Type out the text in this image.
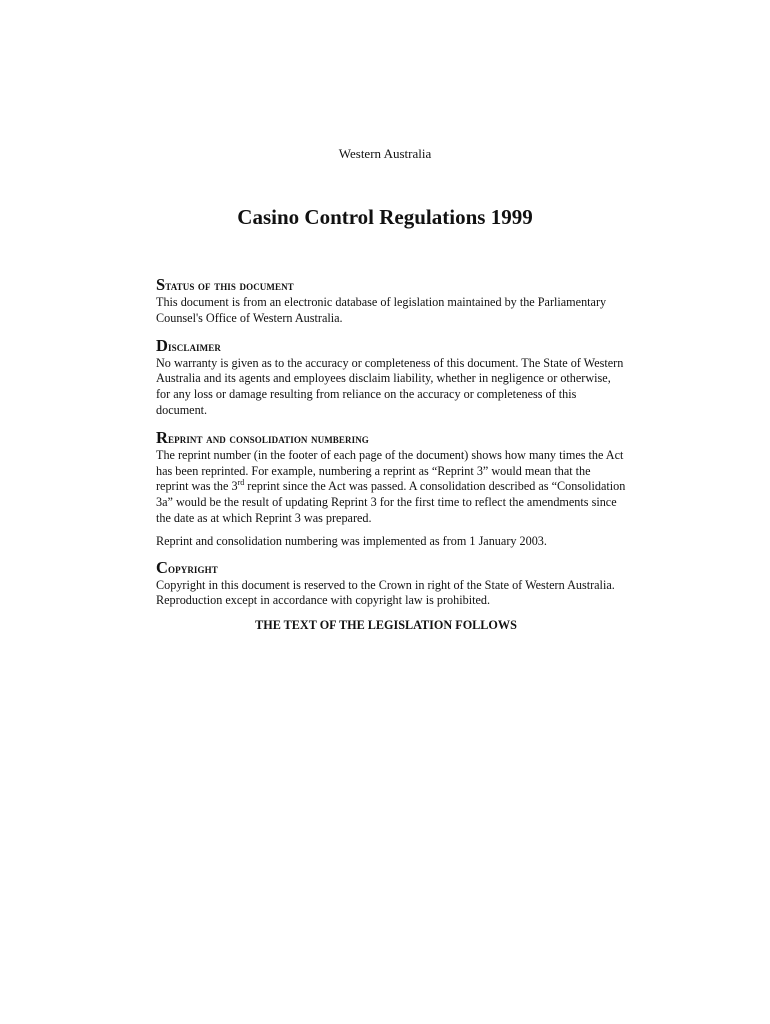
Western Australia

Casino Control Regulations 1999
Status of this document

This document is from an electronic database of legislation maintained by the Parliamentary Counsel's Office of Western Australia.

Disclaimer

No warranty is given as to the accuracy or completeness of this document. The State of Western Australia and its agents and employees disclaim liability, whether in negligence or otherwise, for any loss or damage resulting from reliance on the accuracy or completeness of this document.

Reprint and consolidation numbering

The reprint number (in the footer of each page of the document) shows how many times the Act has been reprinted. For example, numbering a reprint as “Reprint 3” would mean that the reprint was the 3rd reprint since the Act was passed. A consolidation described as “Consolidation 3a” would be the result of updating Reprint 3 for the first time to reflect the amendments since the date as at which Reprint 3 was prepared.

Reprint and consolidation numbering was implemented as from 1 January 2003.

Copyright

Copyright in this document is reserved to the Crown in right of the State of Western Australia. Reproduction except in accordance with copyright law is prohibited.

THE TEXT OF THE LEGISLATION FOLLOWS
